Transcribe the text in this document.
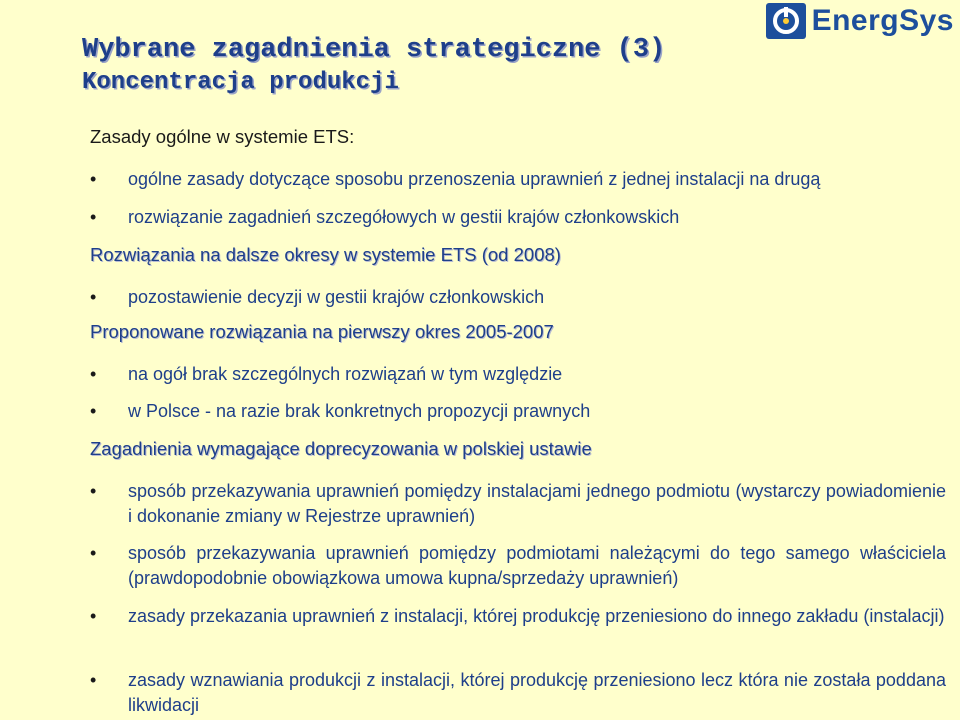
EnergSys
Wybrane zagadnienia strategiczne (3)
Koncentracja produkcji
Zasady ogólne w systemie ETS:
• ogólne zasady dotyczące sposobu przenoszenia uprawnień z jednej instalacji na drugą
• rozwiązanie zagadnień szczegółowych w gestii krajów członkowskich
Rozwiązania na dalsze okresy w systemie ETS (od 2008)
• pozostawienie decyzji w gestii krajów członkowskich
Proponowane rozwiązania na pierwszy okres 2005-2007
• na ogół brak szczególnych rozwiązań w tym względzie
• w Polsce - na razie brak konkretnych propozycji prawnych
Zagadnienia wymagające doprecyzowania w polskiej ustawie
• sposób przekazywania uprawnień pomiędzy instalacjami jednego podmiotu (wystarczy powiadomienie i dokonanie zmiany w Rejestrze uprawnień)
• sposób przekazywania uprawnień pomiędzy podmiotami należącymi do tego samego właściciela (prawdopodobnie obowiązkowa umowa kupna/sprzedaży uprawnień)
• zasady przekazania uprawnień z instalacji, której produkcję przeniesiono do innego zakładu (instalacji)
• zasady wznawiania produkcji z instalacji, której produkcję przeniesiono lecz która nie została poddana likwidacji
